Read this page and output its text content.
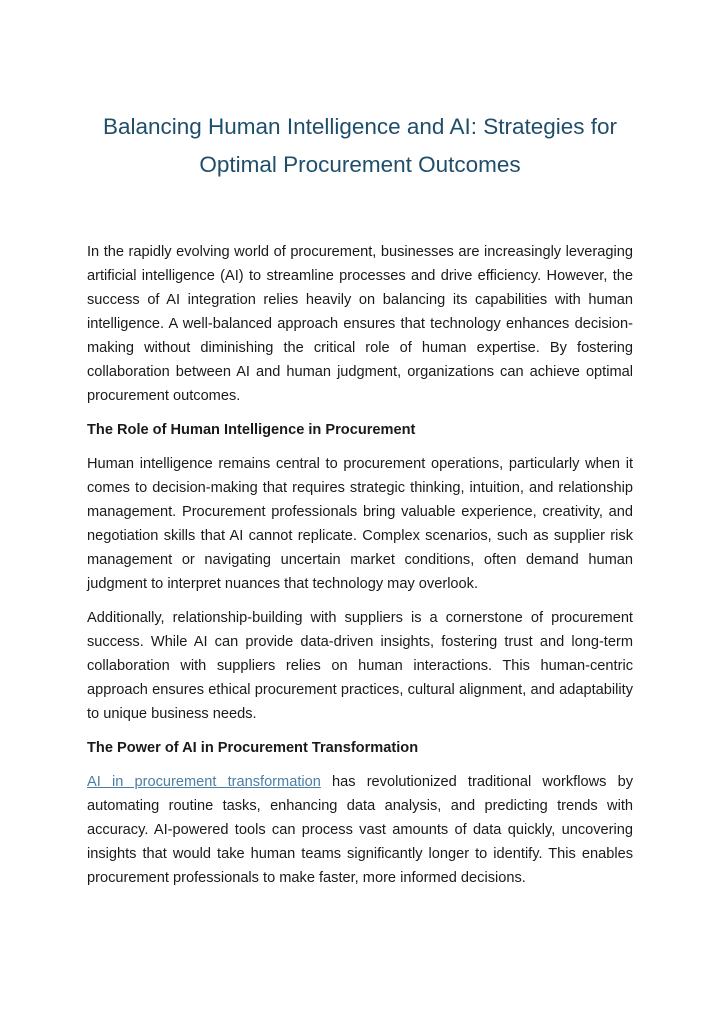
Balancing Human Intelligence and AI: Strategies for
Optimal Procurement Outcomes

In the rapidly evolving world of procurement, businesses are increasingly leveraging artificial intelligence (AI) to streamline processes and drive efficiency. However, the success of AI integration relies heavily on balancing its capabilities with human intelligence. A well-balanced approach ensures that technology enhances decision-making without diminishing the critical role of human expertise. By fostering collaboration between AI and human judgment, organizations can achieve optimal procurement outcomes.

The Role of Human Intelligence in Procurement

Human intelligence remains central to procurement operations, particularly when it comes to decision-making that requires strategic thinking, intuition, and relationship management. Procurement professionals bring valuable experience, creativity, and negotiation skills that AI cannot replicate. Complex scenarios, such as supplier risk management or navigating uncertain market conditions, often demand human judgment to interpret nuances that technology may overlook.

Additionally, relationship-building with suppliers is a cornerstone of procurement success. While AI can provide data-driven insights, fostering trust and long-term collaboration with suppliers relies on human interactions. This human-centric approach ensures ethical procurement practices, cultural alignment, and adaptability to unique business needs.

The Power of AI in Procurement Transformation

AI in procurement transformation has revolutionized traditional workflows by automating routine tasks, enhancing data analysis, and predicting trends with accuracy. AI-powered tools can process vast amounts of data quickly, uncovering insights that would take human teams significantly longer to identify. This enables procurement professionals to make faster, more informed decisions.
